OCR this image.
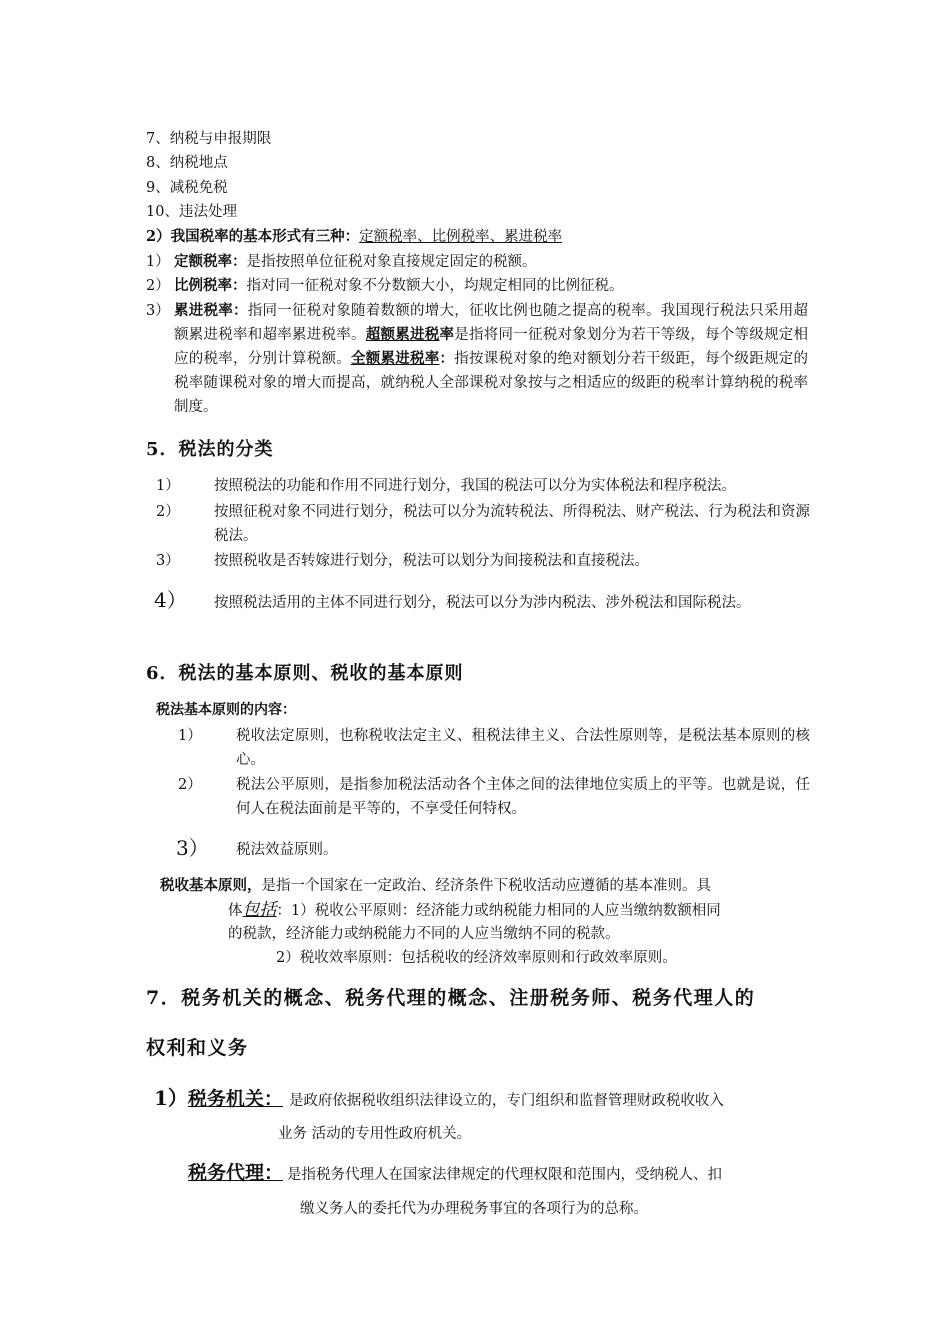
7、纳税与申报期限
8、纳税地点
9、减税免税
10、违法处理
2）我国税率的基本形式有三种：定额税率、比例税率、累进税率
1） 定额税率：是指按照单位征税对象直接规定固定的税额。
2） 比例税率：指对同一征税对象不分数额大小，均规定相同的比例征税。
3） 累进税率：指同一征税对象随着数额的增大，征收比例也随之提高的税率。我国现行税法只采用超额累进税率和超率累进税率。超额累进税率是指将同一征税对象划分为若干等级，每个等级规定相应的税率，分别计算税额。全额累进税率：指按课税对象的绝对额划分若干级距，每个级距规定的税率随课税对象的增大而提高，就纳税人全部课税对象按与之相适应的级距的税率计算纳税的税率制度。
5．税法的分类
1） 按照税法的功能和作用不同进行划分，我国的税法可以分为实体税法和程序税法。
2） 按照征税对象不同进行划分，税法可以分为流转税法、所得税法、财产税法、行为税法和资源税法。
3） 按照税收是否转嫁进行划分，税法可以划分为间接税法和直接税法。
4） 按照税法适用的主体不同进行划分，税法可以分为涉内税法、涉外税法和国际税法。
6．税法的基本原则、税收的基本原则
税法基本原则的内容：
1） 税收法定原则，也称税收法定主义、租税法律主义、合法性原则等，是税法基本原则的核心。
2） 税法公平原则，是指参加税法活动各个主体之间的法律地位实质上的平等。也就是说，任何人在税法面前是平等的，不享受任何特权。
3） 税法效益原则。
税收基本原则，是指一个国家在一定政治、经济条件下税收活动应遵循的基本准则。具
体包括：1）税收公平原则：经济能力或纳税能力相同的人应当缴纳数额相同
的税款，经济能力或纳税能力不同的人应当缴纳不同的税款。
2）税收效率原则：包括税收的经济效率原则和行政效率原则。
7．税务机关的概念、税务代理的概念、注册税务师、税务代理人的
权利和义务
1）税务机关： 是政府依据税收组织法律设立的，专门组织和监督管理财政税收收入
业务 活动的专用性政府机关。
税务代理： 是指税务代理人在国家法律规定的代理权限和范围内，受纳税人、扣
缴义务人的委托代为办理税务事宜的各项行为的总称。
